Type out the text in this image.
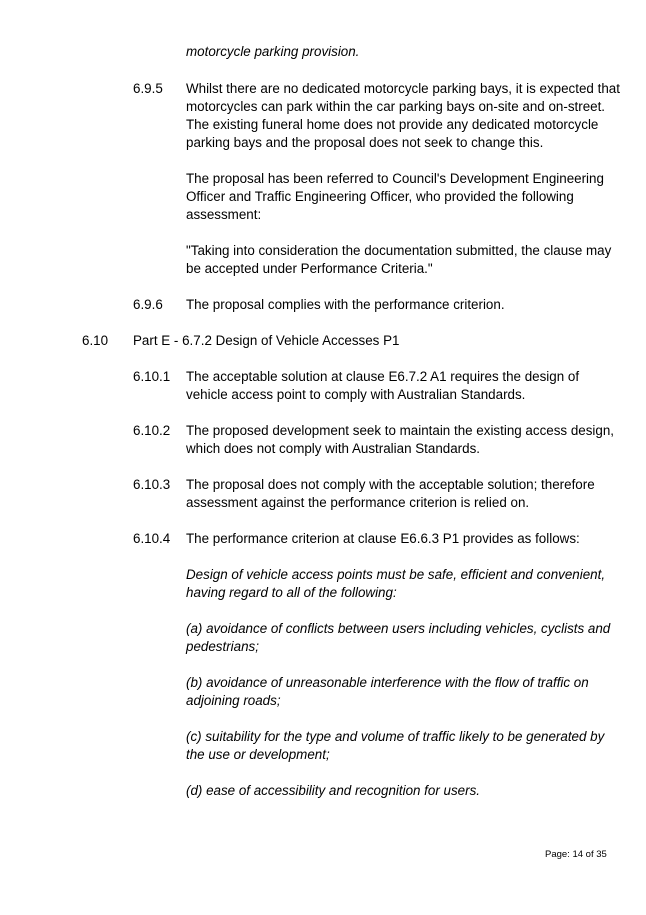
motorcycle parking provision.
6.9.5 Whilst there are no dedicated motorcycle parking bays, it is expected that
motorcycles can park within the car parking bays on-site and on-street.
The existing funeral home does not provide any dedicated motorcycle
parking bays and the proposal does not seek to change this.
The proposal has been referred to Council's Development Engineering
Officer and Traffic Engineering Officer, who provided the following
assessment:
"Taking into consideration the documentation submitted, the clause may
be accepted under Performance Criteria."
6.9.6 The proposal complies with the performance criterion.
6.10 Part E - 6.7.2 Design of Vehicle Accesses P1
6.10.1 The acceptable solution at clause E6.7.2 A1 requires the design of
vehicle access point to comply with Australian Standards.
6.10.2 The proposed development seek to maintain the existing access design,
which does not comply with Australian Standards.
6.10.3 The proposal does not comply with the acceptable solution; therefore
assessment against the performance criterion is relied on.
6.10.4 The performance criterion at clause E6.6.3 P1 provides as follows:
Design of vehicle access points must be safe, efficient and convenient,
having regard to all of the following:
(a) avoidance of conflicts between users including vehicles, cyclists and
pedestrians;
(b) avoidance of unreasonable interference with the flow of traffic on
adjoining roads;
(c) suitability for the type and volume of traffic likely to be generated by
the use or development;
(d) ease of accessibility and recognition for users.
Page: 14 of 35
